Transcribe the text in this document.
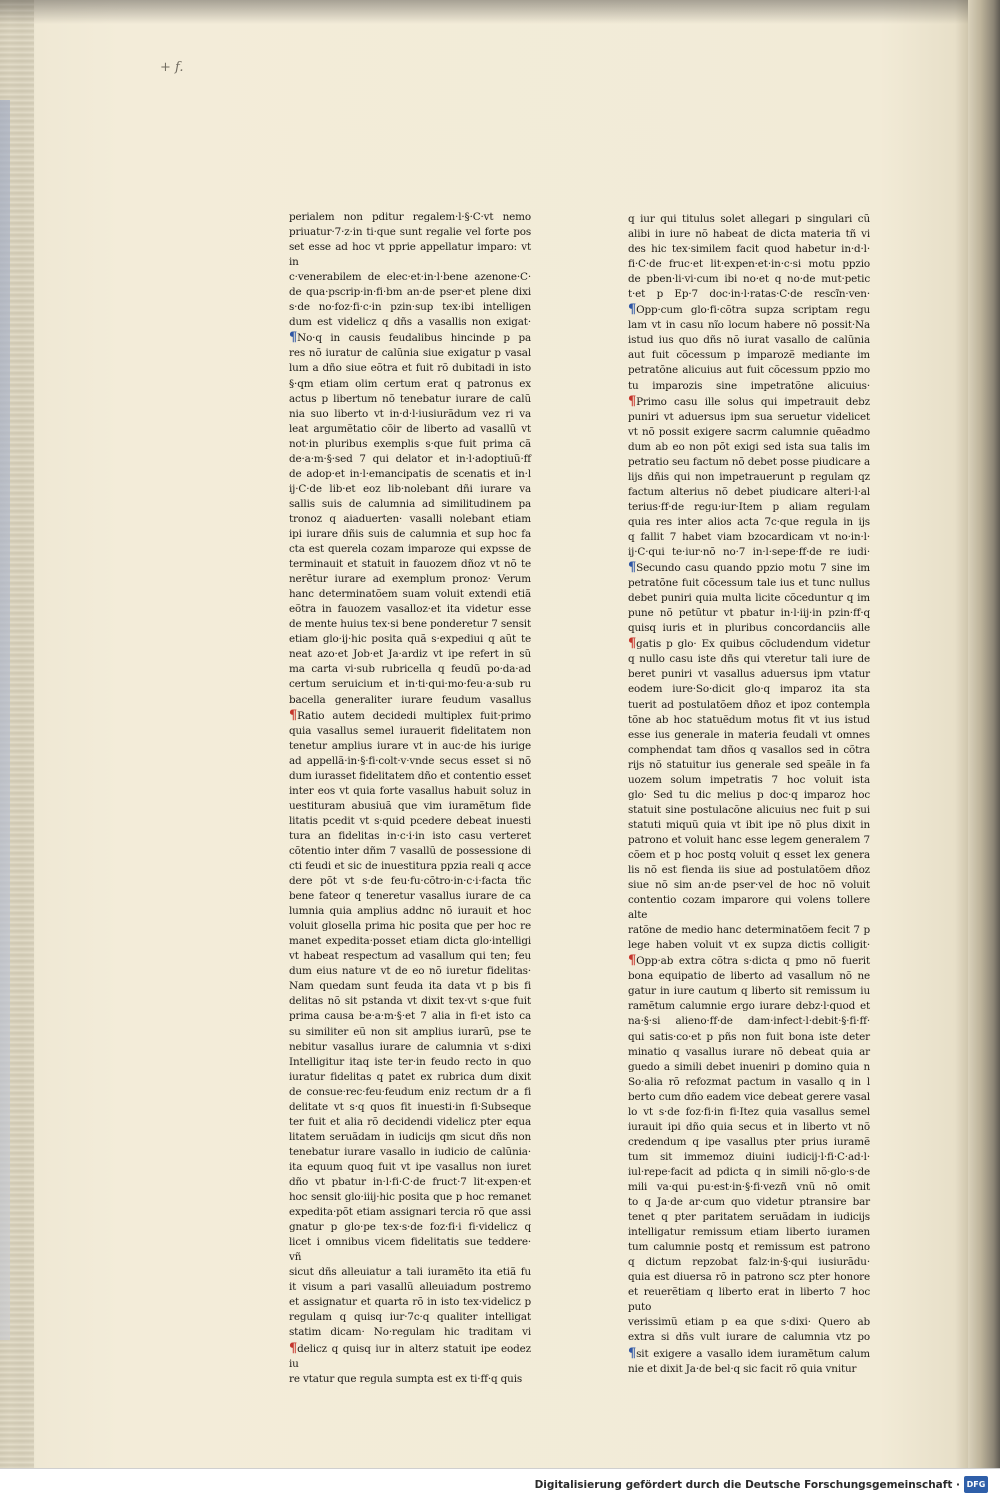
+ f.

perialem non pditur regalem·l·§·C·vt nemo

priuatur·7·z·in ti·que sunt regalie vel forte pos

set esse ad hoc vt pprie appellatur imparo: vt in

c·venerabilem de elec·et·in·l·bene azenone·C·

de qua·pscrip·in·fi·bm an·de pser·et plene dixi

s·de no·foz·fi·c·in pzin·sup tex·ibi intelligen

dum est videlicz q dñs a vasallis non exigat·

¶No·q in causis feudalibus hincinde p pa

res nõ iuratur de calũnia siue exigatur p vasal

lum a dño siue eõtra et fuit rõ dubitadi in isto

§·qm etiam olim certum erat q patronus ex

actus p libertum nõ tenebatur iurare de calũ

nia suo liberto vt in·d·l·iusiurãdum vez ri va

leat argumẽtatio cõir de liberto ad vasallũ vt

not·in pluribus exemplis s·que fuit prima cã

de·a·m·§·sed 7 qui delator et in·l·adoptiuũ·ff

de adop·et in·l·emancipatis de scenatis et in·l

ij·C·de lib·et eoz lib·nolebant dñi iurare va

sallis suis de calumnia ad similitudinem pa

tronoz q aiaduerten· vasalli nolebant etiam

ipi iurare dñis suis de calumnia et sup hoc fa

cta est querela cozam imparoze qui expsse de

terminauit et statuit in fauozem dñoz vt nõ te

nerẽtur iurare ad exemplum pronoz· Verum

hanc determinatõem suam voluit extendi etiã

eõtra in fauozem vasalloz·et ita videtur esse

de mente huius tex·si bene ponderetur 7 sensit

etiam glo·ij·hic posita quã s·expediui q aũt te

neat azo·et Job·et Ja·ardiz vt ipe refert in sũ

ma carta vi·sub rubricella q feudũ po·da·ad

certum seruicium et in·ti·qui·mo·feu·a·sub ru

bacella generaliter iurare feudum vasallus

¶Ratio autem decidedi multiplex fuit·primo

quia vasallus semel iurauerit fidelitatem non

tenetur amplius iurare vt in auc·de his iurige

ad appellã·in·§·fi·colt·v·vnde secus esset si nõ

dum iurasset fidelitatem dño et contentio esset

inter eos vt quia forte vasallus habuit soluz in

uestituram abusiuã que vim iuramẽtum fide

litatis pcedit vt s·quid pcedere debeat inuesti

tura an fidelitas in·c·i·in isto casu verteret

cõtentio inter dñm 7 vasallũ de possessione di

cti feudi et sic de inuestitura ppzia reali q acce

dere põt vt s·de feu·fu·cõtro·in·c·i·facta tñc

bene fateor q teneretur vasallus iurare de ca

lumnia quia amplius addnc nõ iurauit et hoc

voluit glosella prima hic posita que per hoc re

manet expedita·posset etiam dicta glo·intelligi

vt habeat respectum ad vasallum qui ten; feu

dum eius nature vt de eo nõ iuretur fidelitas·

Nam quedam sunt feuda ita data vt p bis fi

delitas nõ sit pstanda vt dixit tex·vt s·que fuit

prima causa be·a·m·§·et 7 alia in fi·et isto ca

su similiter eũ non sit amplius iurarũ, pse te

nebitur vasallus iurare de calumnia vt s·dixi

Intelligitur itaq iste ter·in feudo recto in quo

iuratur fidelitas q patet ex rubrica dum dixit

de consue·rec·feu·feudum eniz rectum dr a fi

delitate vt s·q quos fit inuesti·in fi·Subseque

ter fuit et alia rõ decidendi videlicz pter equa

litatem seruãdam in iudicijs qm sicut dñs non

tenebatur iurare vasallo in iudicio de calũnia·

ita equum quoq fuit vt ipe vasallus non iuret

dño vt pbatur in·l·fi·C·de fruct·7 lit·expen·et

hoc sensit glo·iiij·hic posita que p hoc remanet

expedita·põt etiam assignari tercia rõ que assi

gnatur p glo·pe tex·s·de foz·fi·i fi·videlicz q

licet i omnibus vicem fidelitatis sue teddere· vñ

sicut dñs alleuiatur a tali iuramẽto ita etiã fu

it visum a pari vasallũ alleuiadum postremo

et assignatur et quarta rõ in isto tex·videlicz p

regulam q quisq iur·7c·q qualiter intelligat

statim dicam· No·regulam hic traditam vi

¶delicz q quisq iur in alterz statuit ipe eodez iu

re vtatur que regula sumpta est ex ti·ff·q quis

q iur qui titulus solet allegari p singulari cũ

alibi in iure nõ habeat de dicta materia tñ vi

des hic tex·similem facit quod habetur in·d·l·

fi·C·de fruc·et lit·expen·et·in·c·si motu ppzio

de pben·li·vi·cum ibi no·et q no·de mut·petic

t·et p Ep·7 doc·in·l·ratas·C·de rescĩn·ven·

¶Opp·cum glo·fi·cõtra supza scriptam regu

lam vt in casu nĩo locum habere nõ possit·Na

istud ius quo dñs nõ iurat vasallo de calũnia

aut fuit cõcessum p imparozẽ mediante im

petratõne alicuius aut fuit cõcessum ppzio mo

tu imparozis sine impetratõne alicuius·

¶Primo casu ille solus qui impetrauit debz

puniri vt aduersus ipm sua seruetur videlicet

vt nõ possit exigere sacrm calumnie quẽadmo

dum ab eo non põt exigi sed ista sua talis im

petratio seu factum nõ debet posse piudicare a

lijs dñis qui non impetrauerunt p regulam qz

factum alterius nõ debet piudicare alteri·l·al

terius·ff·de regu·iur·Item p aliam regulam

quia res inter alios acta 7c·que regula in ijs

q fallit 7 habet viam bzocardicam vt no·in·l·

ij·C·qui te·iur·nõ no·7 in·l·sepe·ff·de re iudi·

¶Secundo casu quando ppzio motu 7 sine im

petratõne fuit cõcessum tale ius et tunc nullus

debet puniri quia multa licite cõceduntur q im

pune nõ petũtur vt pbatur in·l·iij·in pzin·ff·q

quisq iuris et in pluribus concordanciis alle

¶gatis p glo· Ex quibus cõcludendum videtur

q nullo casu iste dñs qui vteretur tali iure de

beret puniri vt vasallus aduersus ipm vtatur

eodem iure·So·dicit glo·q imparoz ita sta

tuerit ad postulatõem dñoz et ipoz contempla

tõne ab hoc statuẽdum motus fit vt ius istud

esse ius generale in materia feudali vt omnes

comphendat tam dños q vasallos sed in cõtra

rijs nõ statuitur ius generale sed speãle in fa

uozem solum impetratis 7 hoc voluit ista

glo· Sed tu dic melius p doc·q imparoz hoc

statuit sine postulacõne alicuius nec fuit p sui

statuti miquũ quia vt ibit ipe nõ plus dixit in

patrono et voluit hanc esse legem generalem 7

cõem et p hoc postq voluit q esset lex genera

lis nõ est fienda iis siue ad postulatõem dñoz

siue nõ sim an·de pser·vel de hoc nõ voluit

contentio cozam imparore qui volens tollere alte

ratõne de medio hanc determinatõem fecit 7 p

lege haben voluit vt ex supza dictis colligit·

¶Opp·ab extra cõtra s·dicta q pmo nõ fuerit

bona equipatio de liberto ad vasallum nõ ne

gatur in iure cautum q liberto sit remissum iu

ramẽtum calumnie ergo iurare debz·l·quod et

na·§·si alieno·ff·de dam·infect·l·debit·§·fi·ff·

qui satis·co·et p pñs non fuit bona iste deter

minatio q vasallus iurare nõ debeat quia ar

guedo a simili debet inueniri p domino quia n

So·alia rõ refozmat pactum in vasallo q in l

berto cum dño eadem vice debeat gerere vasal

lo vt s·de foz·fi·in fi·Itez quia vasallus semel

iurauit ipi dño quia secus et in liberto vt nõ

credendum q ipe vasallus pter prius iuramẽ

tum sit immemoz diuini iudicij·l·fi·C·ad·l·

iul·repe·facit ad pdicta q in simili nõ·glo·s·de

mili va·qui pu·est·in·§·fi·vezñ vnũ nõ omit

to q Ja·de ar·cum quo videtur ptransire bar

tenet q pter paritatem seruãdam in iudicijs

intelligatur remissum etiam liberto iuramen

tum calumnie postq et remissum est patrono

q dictum repzobat falz·in·§·qui iusiurãdu·

quia est diuersa rõ in patrono scz pter honore

et reuerẽtiam q liberto erat in liberto 7 hoc puto

verissimũ etiam p ea que s·dixi· Quero ab

extra si dñs vult iurare de calumnia vtz po

¶sit exigere a vasallo idem iuramẽtum calum

nie et dixit Ja·de bel·q sic facit rõ quia vnitur

Digitalisierung gefördert durch die Deutsche Forschungsgemeinschaft · DFG
